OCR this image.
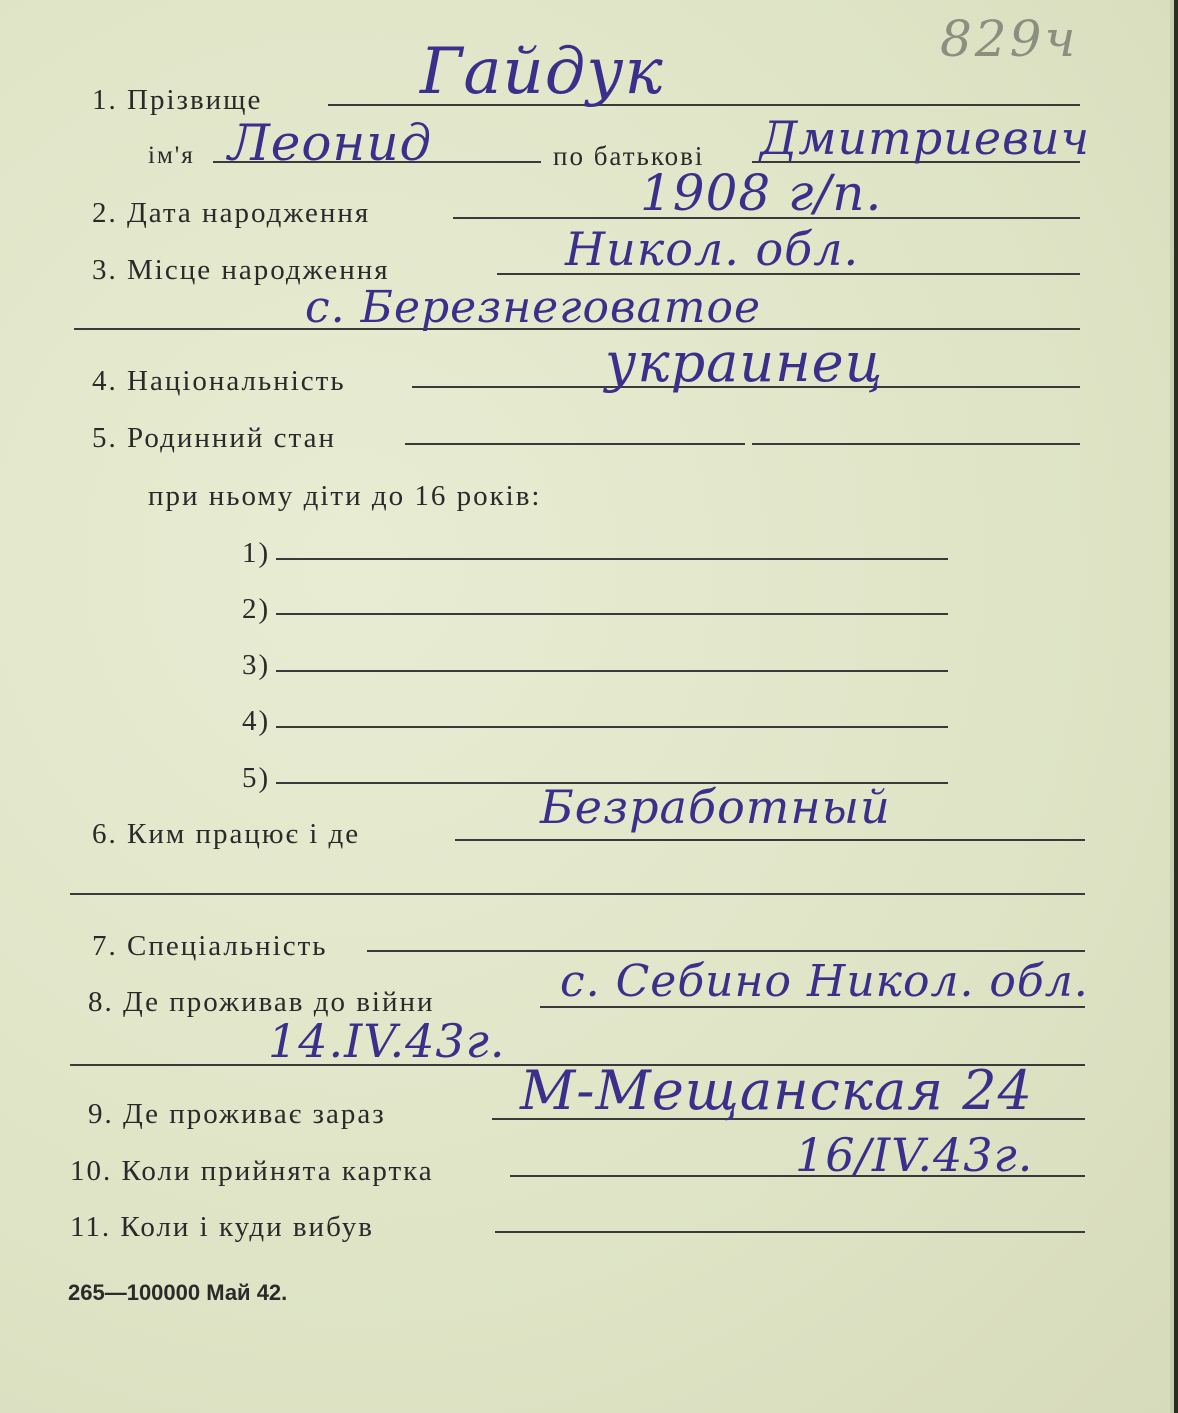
829ч
1. Прізвище Гайдук
ім'я Леонид	по батькові Дмитриевич
2. Дата народження	1908 г/п.
3. Місце народження	Никол. обл.
с. Березнеговатое
4. Національність	украинец
5. Родинний стан
при ньому діти до 16 років:
1)
2)
3)
4)
5)
6. Ким працює і де	Безработный
7. Спеціальність
8. Де проживав до війни	с. Себино Никол. обл.
14.IV.43г.
9. Де проживає зараз М-Мещанская 24
10. Коли прийнята картка	16/IV.43г.
11. Коли і куди вибув
265—100000 Май 42.
